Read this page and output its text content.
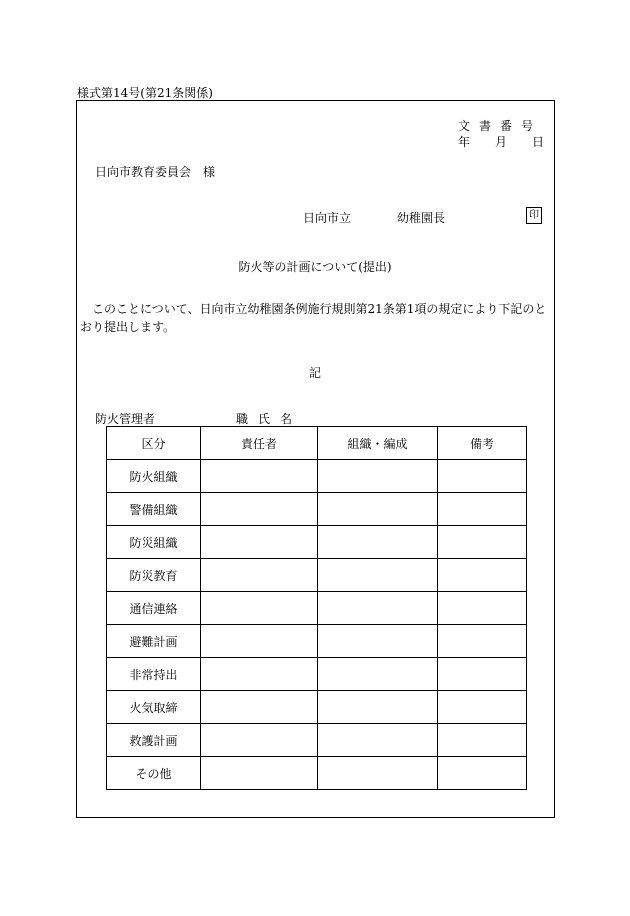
様式第14号(第21条関係)
文書番号
年 月 日
日向市教育委員会　様
日向市立	幼稚園長	印
防火等の計画について(提出)
このことについて、日向市立幼稚園条例施行規則第21条第1項の規定により下記のとおり提出します。
記
防火管理者	職氏名
区分	責任者	組織・編成	備考
防火組織			
警備組織			
防災組織			
防災教育			
通信連絡			
避難計画			
非常持出			
火気取締			
救護計画			
その他			
